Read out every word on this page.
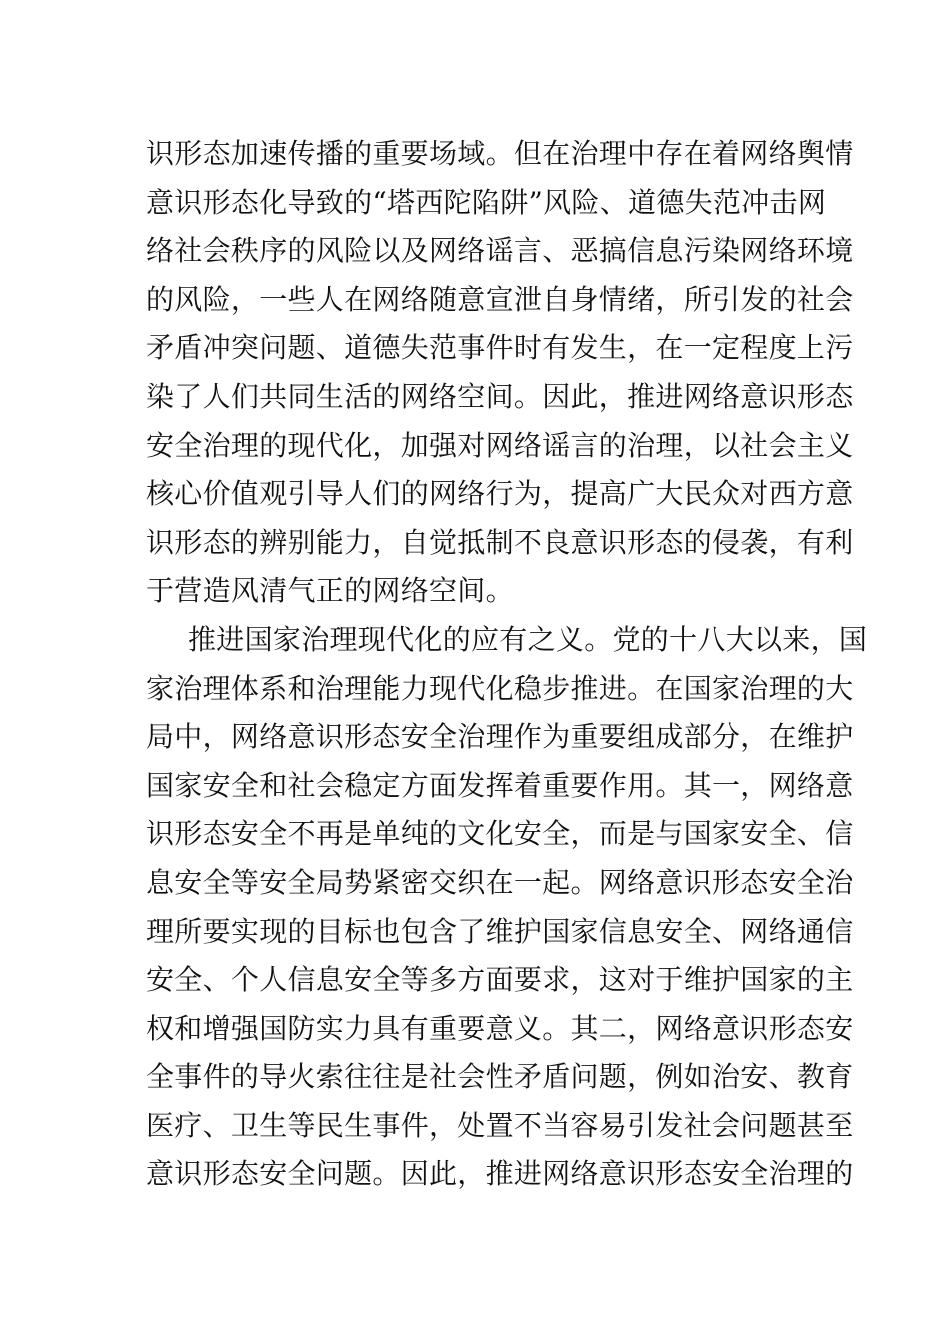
识形态加速传播的重要场域。但在治理中存在着网络舆情
意识形态化导致的“塔西陀陷阱”风险、道德失范冲击网
络社会秩序的风险以及网络谣言、恶搞信息污染网络环境
的风险，一些人在网络随意宣泄自身情绪，所引发的社会
矛盾冲突问题、道德失范事件时有发生，在一定程度上污
染了人们共同生活的网络空间。因此，推进网络意识形态
安全治理的现代化，加强对网络谣言的治理，以社会主义
核心价值观引导人们的网络行为，提高广大民众对西方意
识形态的辨别能力，自觉抵制不良意识形态的侵袭，有利
于营造风清气正的网络空间。
推进国家治理现代化的应有之义。党的十八大以来，国
家治理体系和治理能力现代化稳步推进。在国家治理的大
局中，网络意识形态安全治理作为重要组成部分，在维护
国家安全和社会稳定方面发挥着重要作用。其一，网络意
识形态安全不再是单纯的文化安全，而是与国家安全、信
息安全等安全局势紧密交织在一起。网络意识形态安全治
理所要实现的目标也包含了维护国家信息安全、网络通信
安全、个人信息安全等多方面要求，这对于维护国家的主
权和增强国防实力具有重要意义。其二，网络意识形态安
全事件的导火索往往是社会性矛盾问题，例如治安、教育
医疗、卫生等民生事件，处置不当容易引发社会问题甚至
意识形态安全问题。因此，推进网络意识形态安全治理的
